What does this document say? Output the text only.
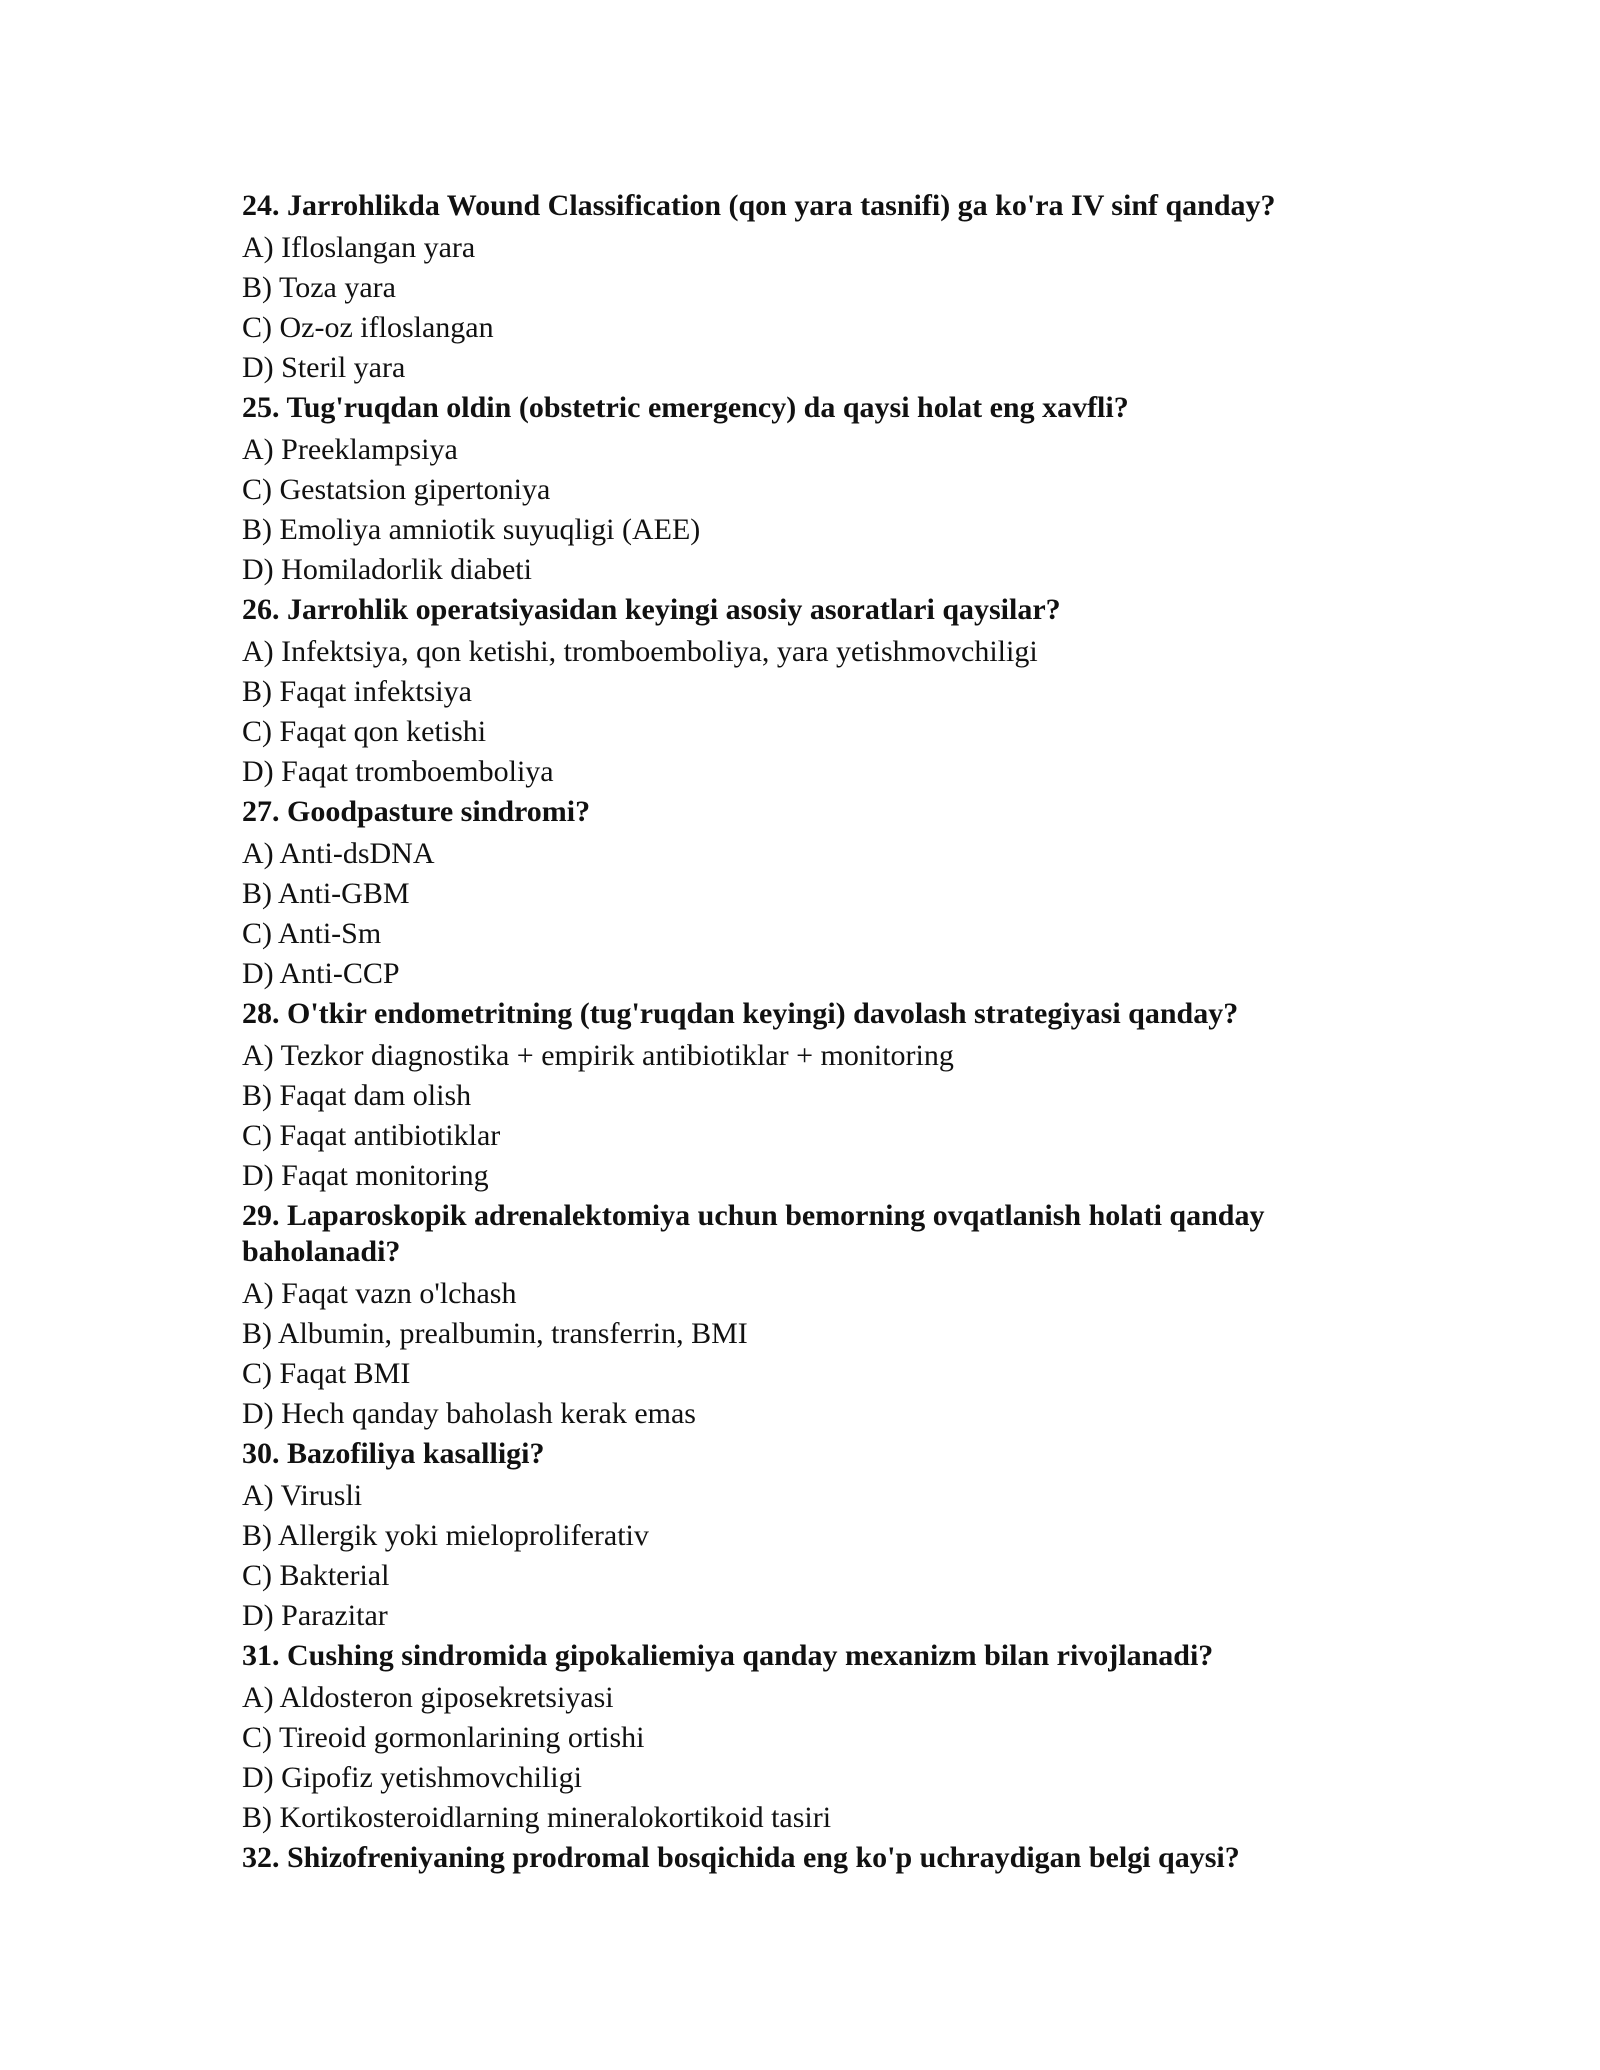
24. Jarrohlikda Wound Classification (qon yara tasnifi) ga ko'ra IV sinf qanday?
A) Ifloslangan yara
B) Toza yara
C) Oz-oz ifloslangan
D) Steril yara
25. Tug'ruqdan oldin (obstetric emergency) da qaysi holat eng xavfli?
A) Preeklampsiya
C) Gestatsion gipertoniya
B) Emoliya amniotik suyuqligi (AEE)
D) Homiladorlik diabeti
26. Jarrohlik operatsiyasidan keyingi asosiy asoratlari qaysilar?
A) Infektsiya, qon ketishi, tromboemboliya, yara yetishmovchiligi
B) Faqat infektsiya
C) Faqat qon ketishi
D) Faqat tromboemboliya
27. Goodpasture sindromi?
A) Anti-dsDNA
B) Anti-GBM
C) Anti-Sm
D) Anti-CCP
28. O'tkir endometritning (tug'ruqdan keyingi) davolash strategiyasi qanday?
A) Tezkor diagnostika + empirik antibiotiklar + monitoring
B) Faqat dam olish
C) Faqat antibiotiklar
D) Faqat monitoring
29. Laparoskopik adrenalektomiya uchun bemorning ovqatlanish holati qanday baholanadi?
A) Faqat vazn o'lchash
B) Albumin, prealbumin, transferrin, BMI
C) Faqat BMI
D) Hech qanday baholash kerak emas
30. Bazofiliya kasalligi?
A) Virusli
B) Allergik yoki mieloproliferativ
C) Bakterial
D) Parazitar
31. Cushing sindromida gipokaliemiya qanday mexanizm bilan rivojlanadi?
A) Aldosteron giposekretsiyasi
C) Tireoid gormonlarining ortishi
D) Gipofiz yetishmovchiligi
B) Kortikosteroidlarning mineralokortikoid tasiri
32. Shizofreniyaning prodromal bosqichida eng ko'p uchraydigan belgi qaysi?
